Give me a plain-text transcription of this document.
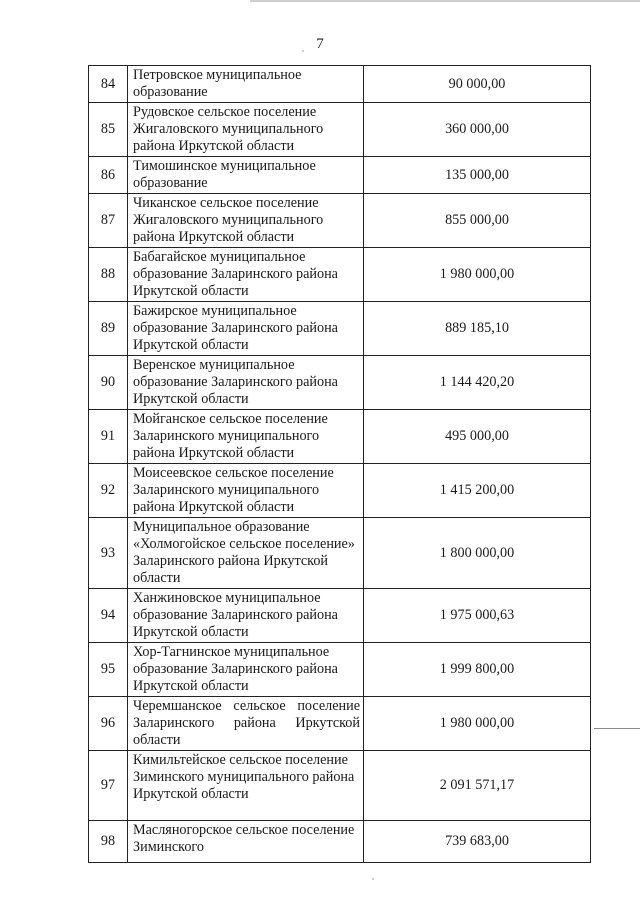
7
84	Петровское муниципальное образование	90 000,00
85	Рудовское сельское поселение Жигаловского муниципального района Иркутской области	360 000,00
86	Тимошинское муниципальное образование	135 000,00
87	Чиканское сельское поселение Жигаловского муниципального района Иркутской области	855 000,00
88	Бабагайское муниципальное образование Заларинского района Иркутской области	1 980 000,00
89	Бажирское муниципальное образование Заларинского района Иркутской области	889 185,10
90	Веренское муниципальное образование Заларинского района Иркутской области	1 144 420,20
91	Мойганское сельское поселение Заларинского муниципального района Иркутской области	495 000,00
92	Моисеевское сельское поселение Заларинского муниципального района Иркутской области	1 415 200,00
93	Муниципальное образование «Холмогойское сельское поселение» Заларинского района Иркутской области	1 800 000,00
94	Ханжиновское муниципальное образование Заларинского района Иркутской области	1 975 000,63
95	Хор-Тагнинское муниципальное образование Заларинского района Иркутской области	1 999 800,00
96	Черемшанское сельское поселение Заларинского района Иркутской области	1 980 000,00
97	Кимильтейское сельское поселение Зиминского муниципального района Иркутской области	2 091 571,17
98	Масляногорское сельское поселение Зиминского	739 683,00
